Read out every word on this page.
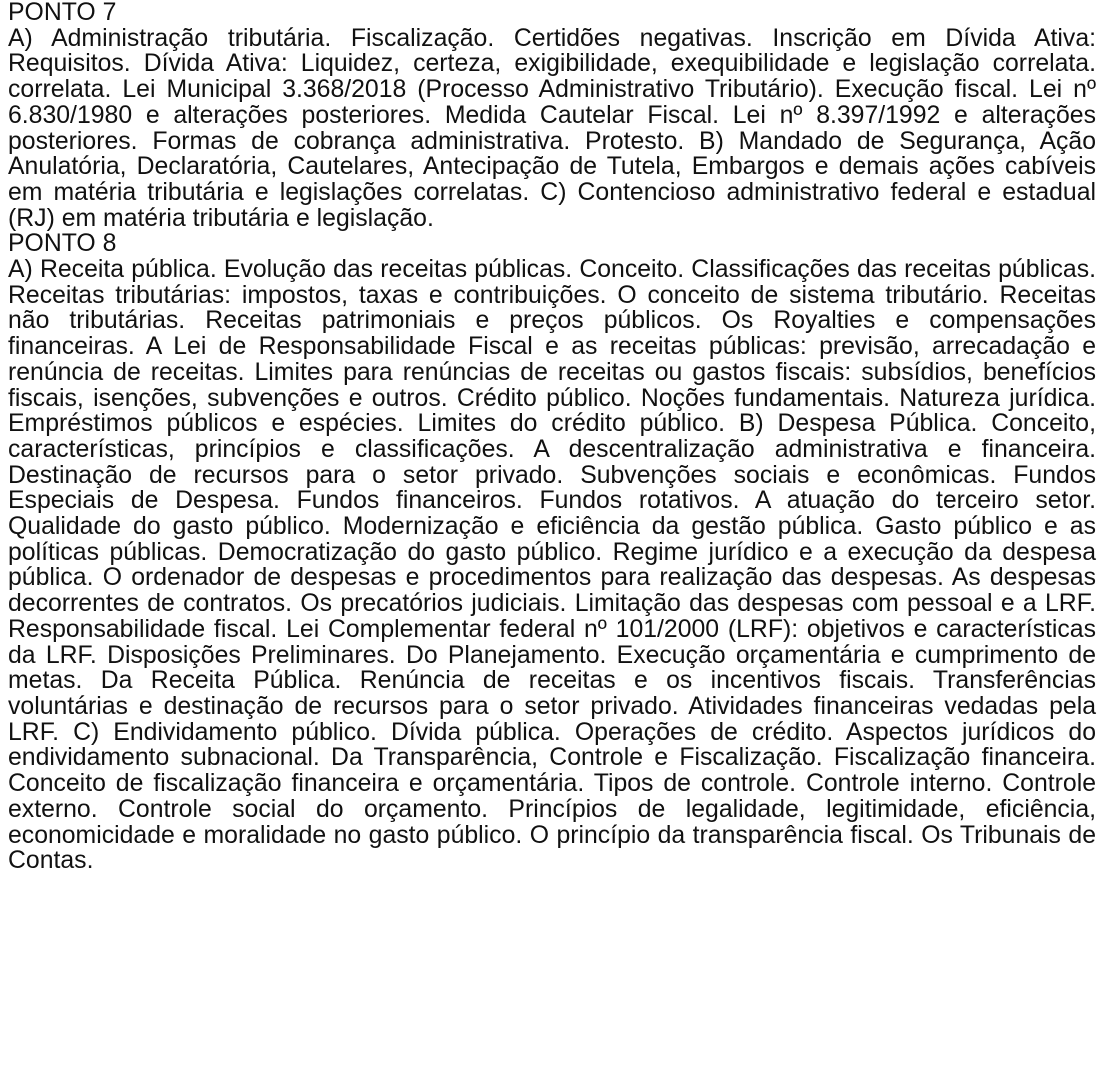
PONTO 7

A) Administração tributária. Fiscalização. Certidões negativas. Inscrição em Dívida Ativa: Requisitos. Dívida Ativa: Liquidez, certeza, exigibilidade, exequibilidade e legislação correlata. correlata. Lei Municipal 3.368/2018 (Processo Administrativo Tributário). Execução fiscal. Lei nº 6.830/1980 e alterações posteriores. Medida Cautelar Fiscal. Lei nº 8.397/1992 e alterações posteriores. Formas de cobrança administrativa. Protesto. B) Mandado de Segurança, Ação Anulatória, Declaratória, Cautelares, Antecipação de Tutela, Embargos e demais ações cabíveis em matéria tributária e legislações correlatas. C) Contencioso administrativo federal e estadual (RJ) em matéria tributária e legislação.

PONTO 8

A) Receita pública. Evolução das receitas públicas. Conceito. Classificações das receitas públicas. Receitas tributárias: impostos, taxas e contribuições. O conceito de sistema tributário. Receitas não tributárias. Receitas patrimoniais e preços públicos. Os Royalties e compensações financeiras. A Lei de Responsabilidade Fiscal e as receitas públicas: previsão, arrecadação e renúncia de receitas. Limites para renúncias de receitas ou gastos fiscais: subsídios, benefícios fiscais, isenções, subvenções e outros. Crédito público. Noções fundamentais. Natureza jurídica. Empréstimos públicos e espécies. Limites do crédito público. B) Despesa Pública. Conceito, características, princípios e classificações. A descentralização administrativa e financeira. Destinação de recursos para o setor privado. Subvenções sociais e econômicas. Fundos Especiais de Despesa. Fundos financeiros. Fundos rotativos. A atuação do terceiro setor. Qualidade do gasto público. Modernização e eficiência da gestão pública. Gasto público e as políticas públicas. Democratização do gasto público. Regime jurídico e a execução da despesa pública. O ordenador de despesas e procedimentos para realização das despesas. As despesas decorrentes de contratos. Os precatórios judiciais. Limitação das despesas com pessoal e a LRF. Responsabilidade fiscal. Lei Complementar federal nº 101/2000 (LRF): objetivos e características da LRF. Disposições Preliminares. Do Planejamento. Execução orçamentária e cumprimento de metas. Da Receita Pública. Renúncia de receitas e os incentivos fiscais. Transferências voluntárias e destinação de recursos para o setor privado. Atividades financeiras vedadas pela LRF. C) Endividamento público. Dívida pública. Operações de crédito. Aspectos jurídicos do endividamento subnacional. Da Transparência, Controle e Fiscalização. Fiscalização financeira. Conceito de fiscalização financeira e orçamentária. Tipos de controle. Controle interno. Controle externo. Controle social do orçamento. Princípios de legalidade, legitimidade, eficiência, economicidade e moralidade no gasto público. O princípio da transparência fiscal. Os Tribunais de Contas.
